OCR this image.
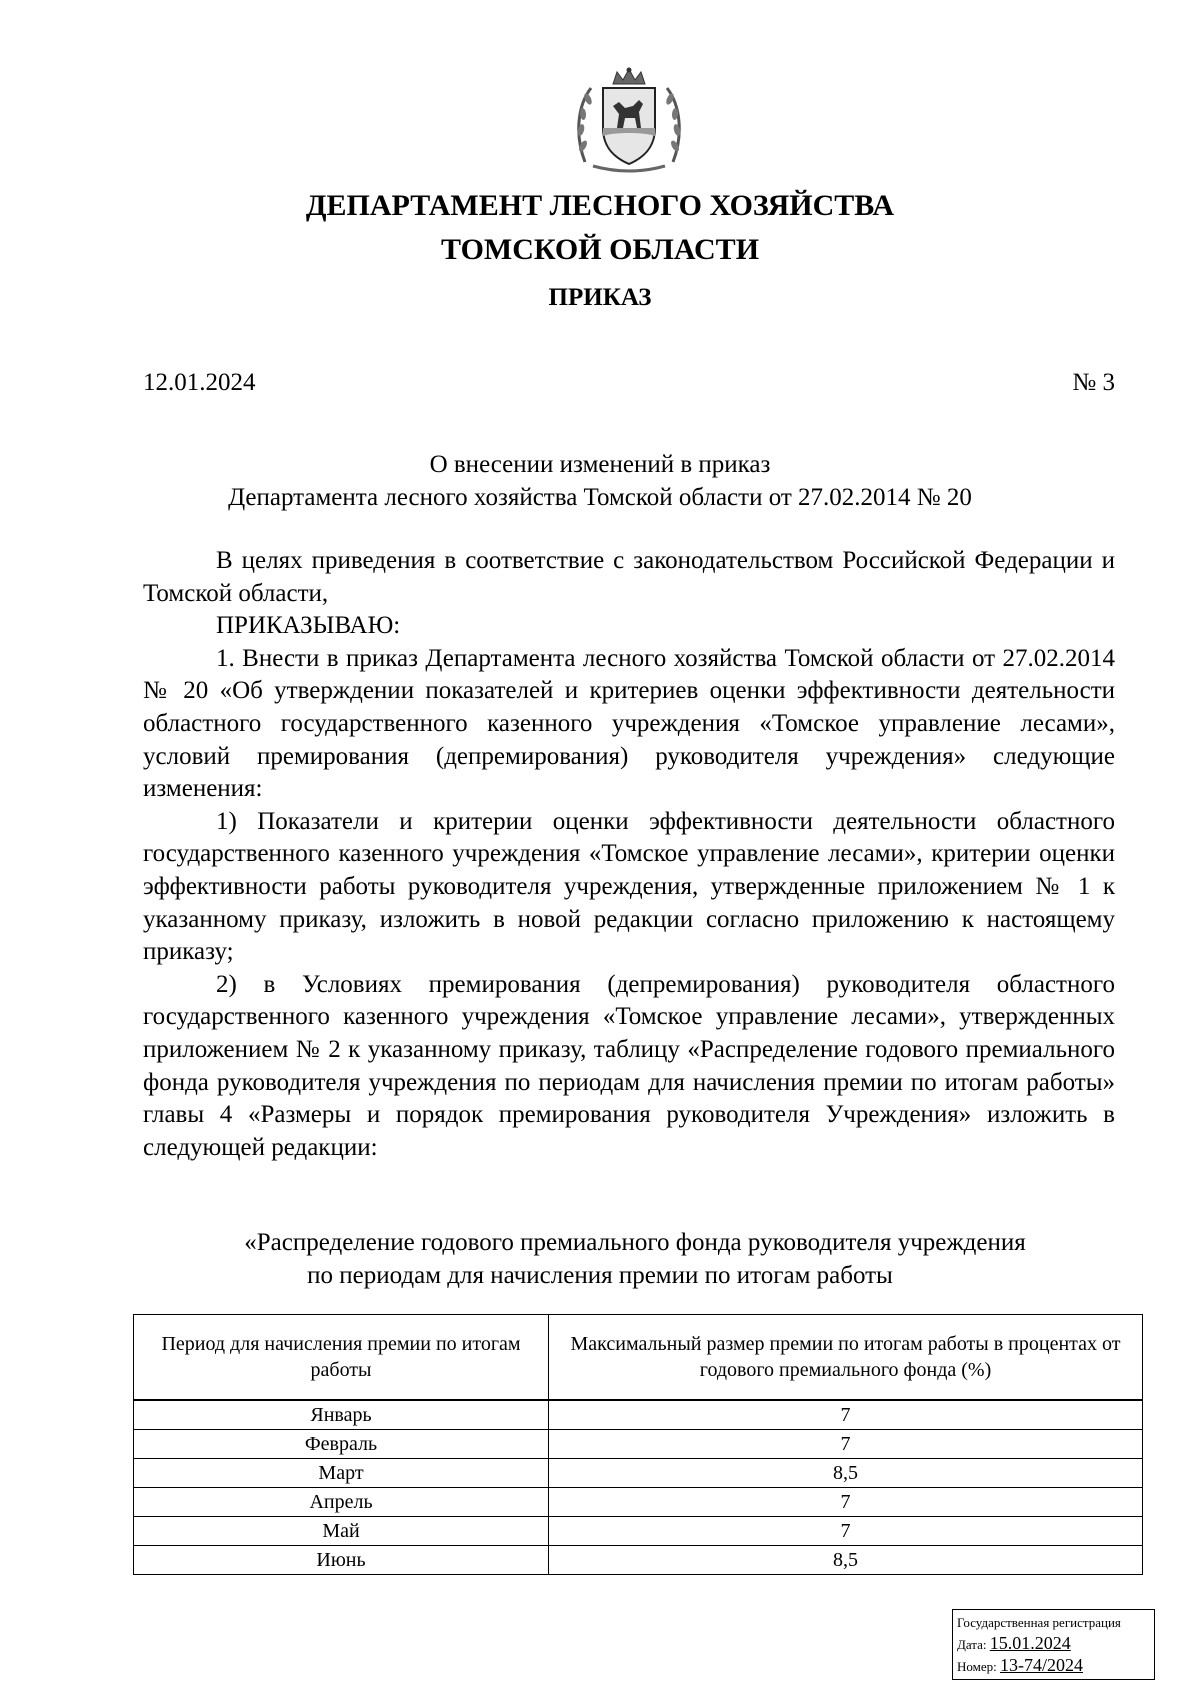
ДЕПАРТАМЕНТ ЛЕСНОГО ХОЗЯЙСТВА
ТОМСКОЙ ОБЛАСТИ
ПРИКАЗ
12.01.2024	№ 3
О внесении изменений в приказ
Департамента лесного хозяйства Томской области от 27.02.2014 № 20

В целях приведения в соответствие с законодательством Российской Федерации и Томской области,

ПРИКАЗЫВАЮ:

1. Внести в приказ Департамента лесного хозяйства Томской области от 27.02.2014 № 20 «Об утверждении показателей и критериев оценки эффективности деятельности областного государственного казенного учреждения «Томское управление лесами», условий премирования (депремирования) руководителя учреждения» следующие изменения:

1) Показатели и критерии оценки эффективности деятельности областного государственного казенного учреждения «Томское управление лесами», критерии оценки эффективности работы руководителя учреждения, утвержденные приложением № 1 к указанному приказу, изложить в новой редакции согласно приложению к настоящему приказу;

2) в Условиях премирования (депремирования) руководителя областного государственного казенного учреждения «Томское управление лесами», утвержденных приложением № 2 к указанному приказу, таблицу «Распределение годового премиального фонда руководителя учреждения по периодам для начисления премии по итогам работы» главы 4 «Размеры и порядок премирования руководителя Учреждения» изложить в следующей редакции:

«Распределение годового премиального фонда руководителя учреждения
по периодам для начисления премии по итогам работы
Период для начисления премии по итогам работы	Максимальный размер премии по итогам работы в процентах от годового премиального фонда (%)
Январь	7
Февраль	7
Март	8,5
Апрель	7
Май	7
Июнь	8,5
Государственная регистрация
Дата: 15.01.2024
Номер: 13-74/2024
